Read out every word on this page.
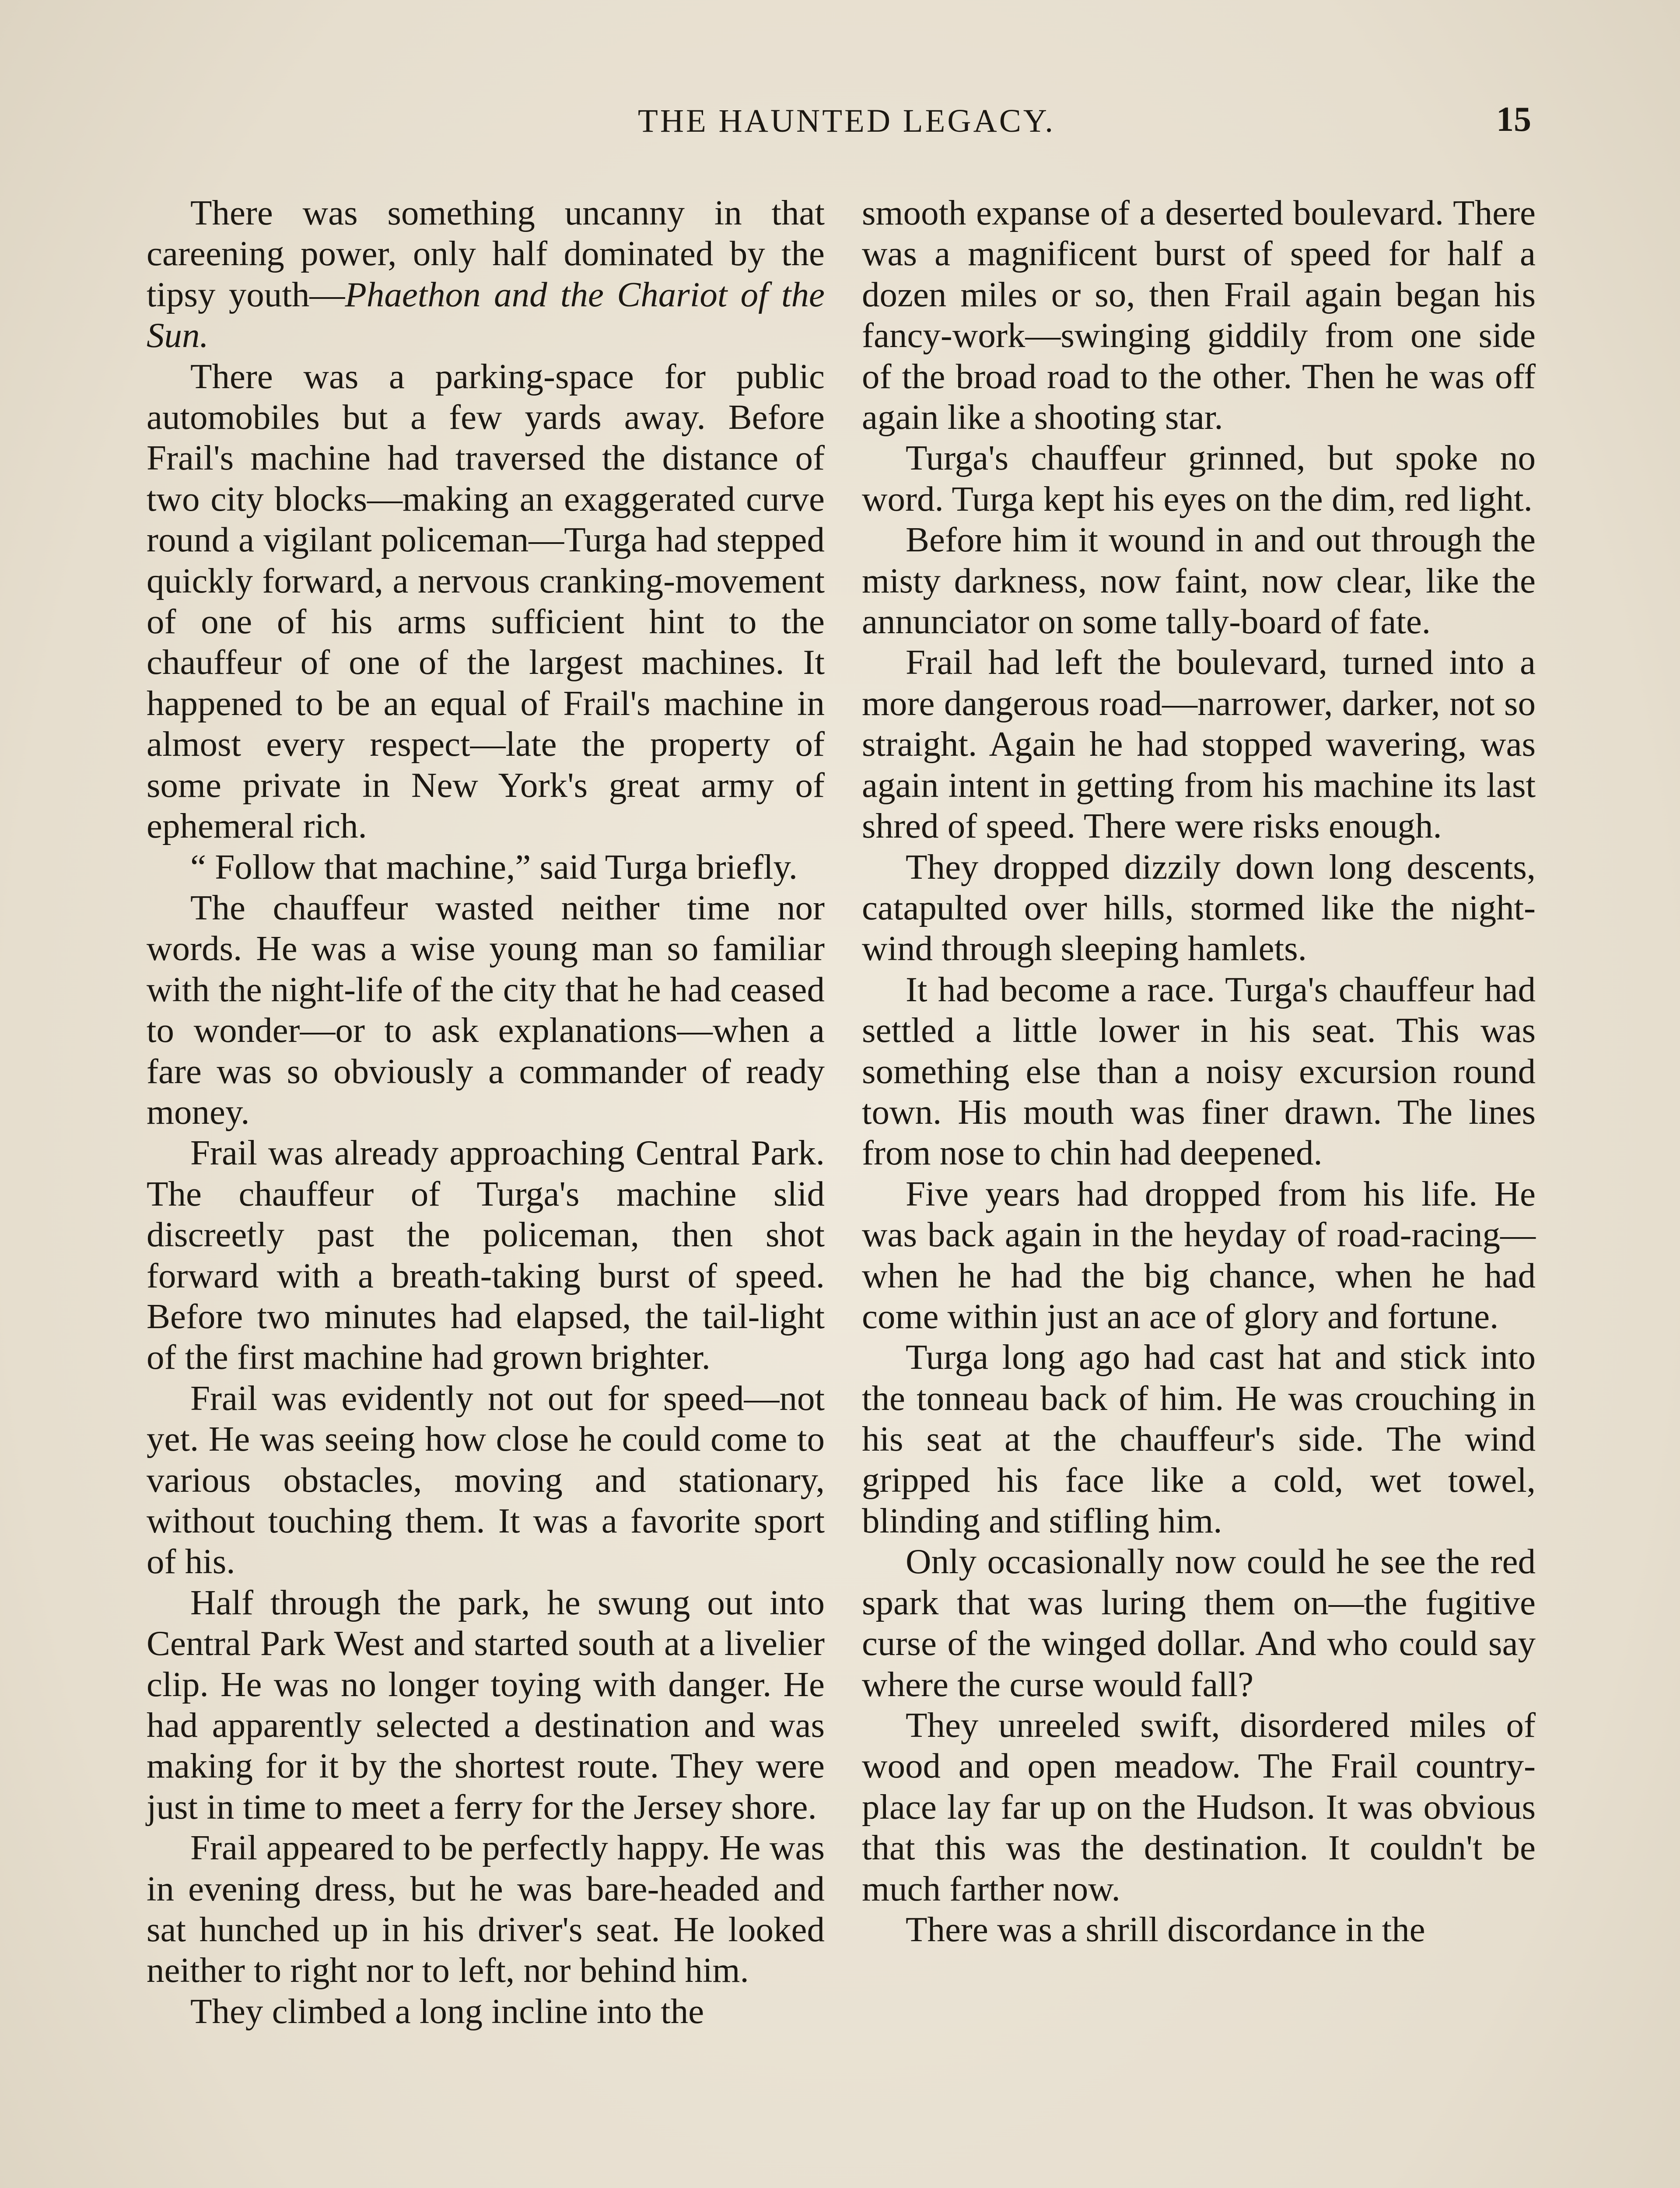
THE HAUNTED LEGACY.	15

There was something uncanny in that careening power, only half dominated by the tipsy youth—Phaethon and the Chariot of the Sun.

There was a parking-space for public automobiles but a few yards away. Before Frail's machine had traversed the distance of two city blocks—making an exaggerated curve round a vigilant policeman—Turga had stepped quickly forward, a nervous cranking-movement of one of his arms sufficient hint to the chauffeur of one of the largest machines. It happened to be an equal of Frail's machine in almost every respect—late the property of some private in New York's great army of ephemeral rich.

“ Follow that machine,” said Turga briefly.

The chauffeur wasted neither time nor words. He was a wise young man so familiar with the night-life of the city that he had ceased to wonder—or to ask explanations—when a fare was so obviously a commander of ready money.

Frail was already approaching Central Park. The chauffeur of Turga's machine slid discreetly past the policeman, then shot forward with a breath-taking burst of speed. Before two minutes had elapsed, the tail-light of the first machine had grown brighter.

Frail was evidently not out for speed—not yet. He was seeing how close he could come to various obstacles, moving and stationary, without touching them. It was a favorite sport of his.

Half through the park, he swung out into Central Park West and started south at a livelier clip. He was no longer toying with danger. He had apparently selected a destination and was making for it by the shortest route. They were just in time to meet a ferry for the Jersey shore.

Frail appeared to be perfectly happy. He was in evening dress, but he was bare-headed and sat hunched up in his driver's seat. He looked neither to right nor to left, nor behind him.

They climbed a long incline into the

smooth expanse of a deserted boulevard. There was a magnificent burst of speed for half a dozen miles or so, then Frail again began his fancy-work—swinging giddily from one side of the broad road to the other. Then he was off again like a shooting star.

Turga's chauffeur grinned, but spoke no word. Turga kept his eyes on the dim, red light.

Before him it wound in and out through the misty darkness, now faint, now clear, like the annunciator on some tally-board of fate.

Frail had left the boulevard, turned into a more dangerous road—narrower, darker, not so straight. Again he had stopped wavering, was again intent in getting from his machine its last shred of speed. There were risks enough.

They dropped dizzily down long descents, catapulted over hills, stormed like the night-wind through sleeping hamlets.

It had become a race. Turga's chauffeur had settled a little lower in his seat. This was something else than a noisy excursion round town. His mouth was finer drawn. The lines from nose to chin had deepened.

Five years had dropped from his life. He was back again in the heyday of road-racing—when he had the big chance, when he had come within just an ace of glory and fortune.

Turga long ago had cast hat and stick into the tonneau back of him. He was crouching in his seat at the chauffeur's side. The wind gripped his face like a cold, wet towel, blinding and stifling him.

Only occasionally now could he see the red spark that was luring them on—the fugitive curse of the winged dollar. And who could say where the curse would fall?

They unreeled swift, disordered miles of wood and open meadow. The Frail country-place lay far up on the Hudson. It was obvious that this was the destination. It couldn't be much farther now.

There was a shrill discordance in the
